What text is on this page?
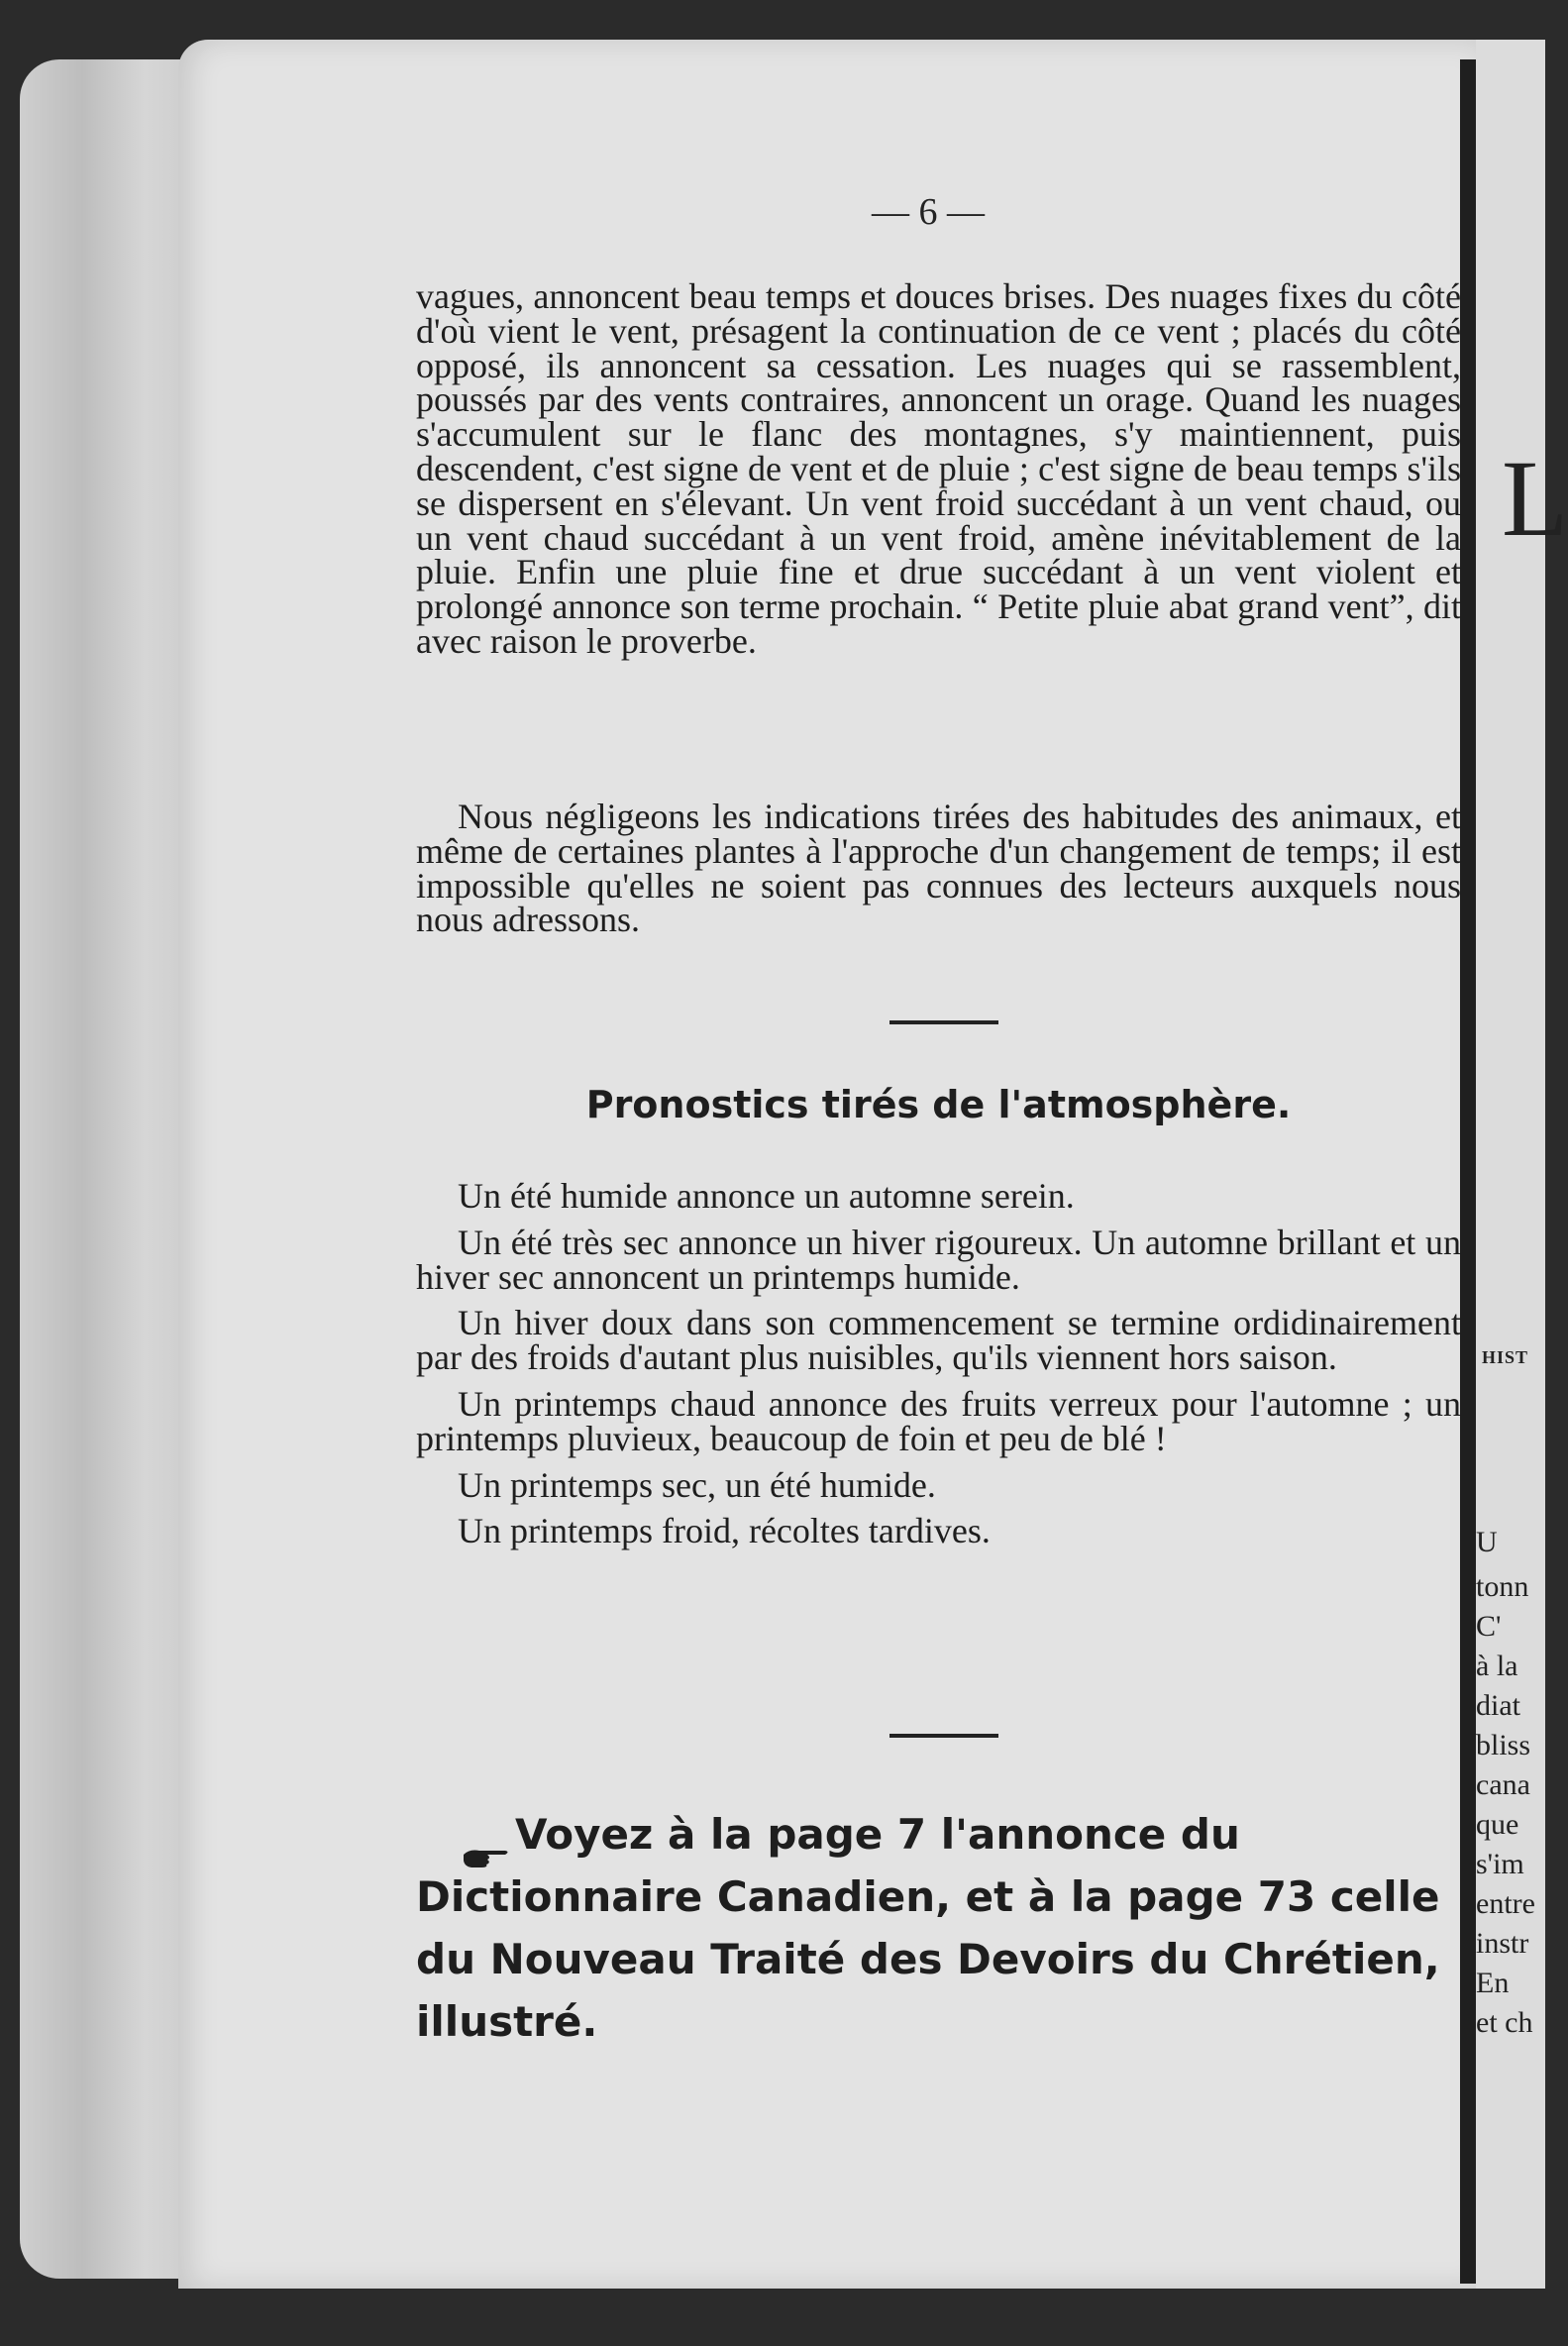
L
HIST
U
tonn
C'
à la
diat
bliss
cana
que
s'im
entre
instr
En
et ch
— 6 —

vagues, annoncent beau temps et douces brises. Des nuages fixes du côté d'où vient le vent, présagent la continuation de ce vent ; placés du côté opposé, ils annoncent sa cessation. Les nuages qui se rassemblent, poussés par des vents contraires, annoncent un orage. Quand les nuages s'accumulent sur le flanc des montagnes, s'y maintiennent, puis descendent, c'est signe de vent et de pluie ; c'est signe de beau temps s'ils se dispersent en s'élevant. Un vent froid succédant à un vent chaud, ou un vent chaud succédant à un vent froid, amène inévitablement de la pluie. Enfin une pluie fine et drue succédant à un vent violent et prolongé annonce son terme prochain. “ Petite pluie abat grand vent”, dit avec raison le proverbe.

Nous négligeons les indications tirées des habitudes des animaux, et même de certaines plantes à l'approche d'un changement de temps; il est impossible qu'elles ne soient pas connues des lecteurs auxquels nous nous adressons.

Pronostics tirés de l'atmosphère.

Un été humide annonce un automne serein.

Un été très sec annonce un hiver rigoureux. Un automne brillant et un hiver sec annoncent un printemps humide.

Un hiver doux dans son commencement se termine ordidinairement par des froids d'autant plus nuisibles, qu'ils viennent hors saison.

Un printemps chaud annonce des fruits verreux pour l'automne ; un printemps pluvieux, beaucoup de foin et peu de blé !

Un printemps sec, un été humide.

Un printemps froid, récoltes tardives.

Voyez à la page 7 l'annonce du Dictionnaire Canadien, et à la page 73 celle du Nouveau Traité des Devoirs du Chrétien, illustré.
